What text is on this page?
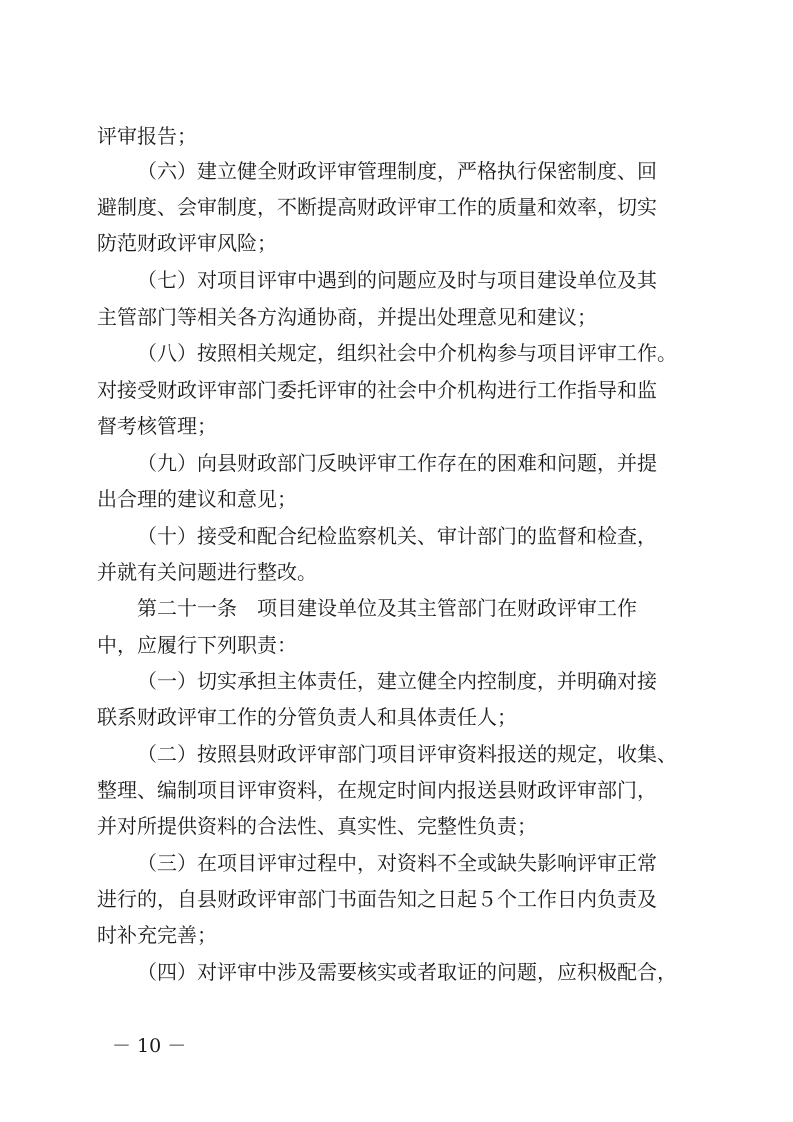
评审报告；
（六）建立健全财政评审管理制度，严格执行保密制度、回
避制度、会审制度，不断提高财政评审工作的质量和效率，切实
防范财政评审风险；
（七）对项目评审中遇到的问题应及时与项目建设单位及其
主管部门等相关各方沟通协商，并提出处理意见和建议；
（八）按照相关规定，组织社会中介机构参与项目评审工作。
对接受财政评审部门委托评审的社会中介机构进行工作指导和监
督考核管理；
（九）向县财政部门反映评审工作存在的困难和问题，并提
出合理的建议和意见；
（十）接受和配合纪检监察机关、审计部门的监督和检查，
并就有关问题进行整改。
第二十一条　项目建设单位及其主管部门在财政评审工作
中，应履行下列职责：
（一）切实承担主体责任，建立健全内控制度，并明确对接
联系财政评审工作的分管负责人和具体责任人；
（二）按照县财政评审部门项目评审资料报送的规定，收集、
整理、编制项目评审资料，在规定时间内报送县财政评审部门，
并对所提供资料的合法性、真实性、完整性负责；
（三）在项目评审过程中，对资料不全或缺失影响评审正常
进行的，自县财政评审部门书面告知之日起５个工作日内负责及
时补充完善；
（四）对评审中涉及需要核实或者取证的问题，应积极配合，
－ 10 －
